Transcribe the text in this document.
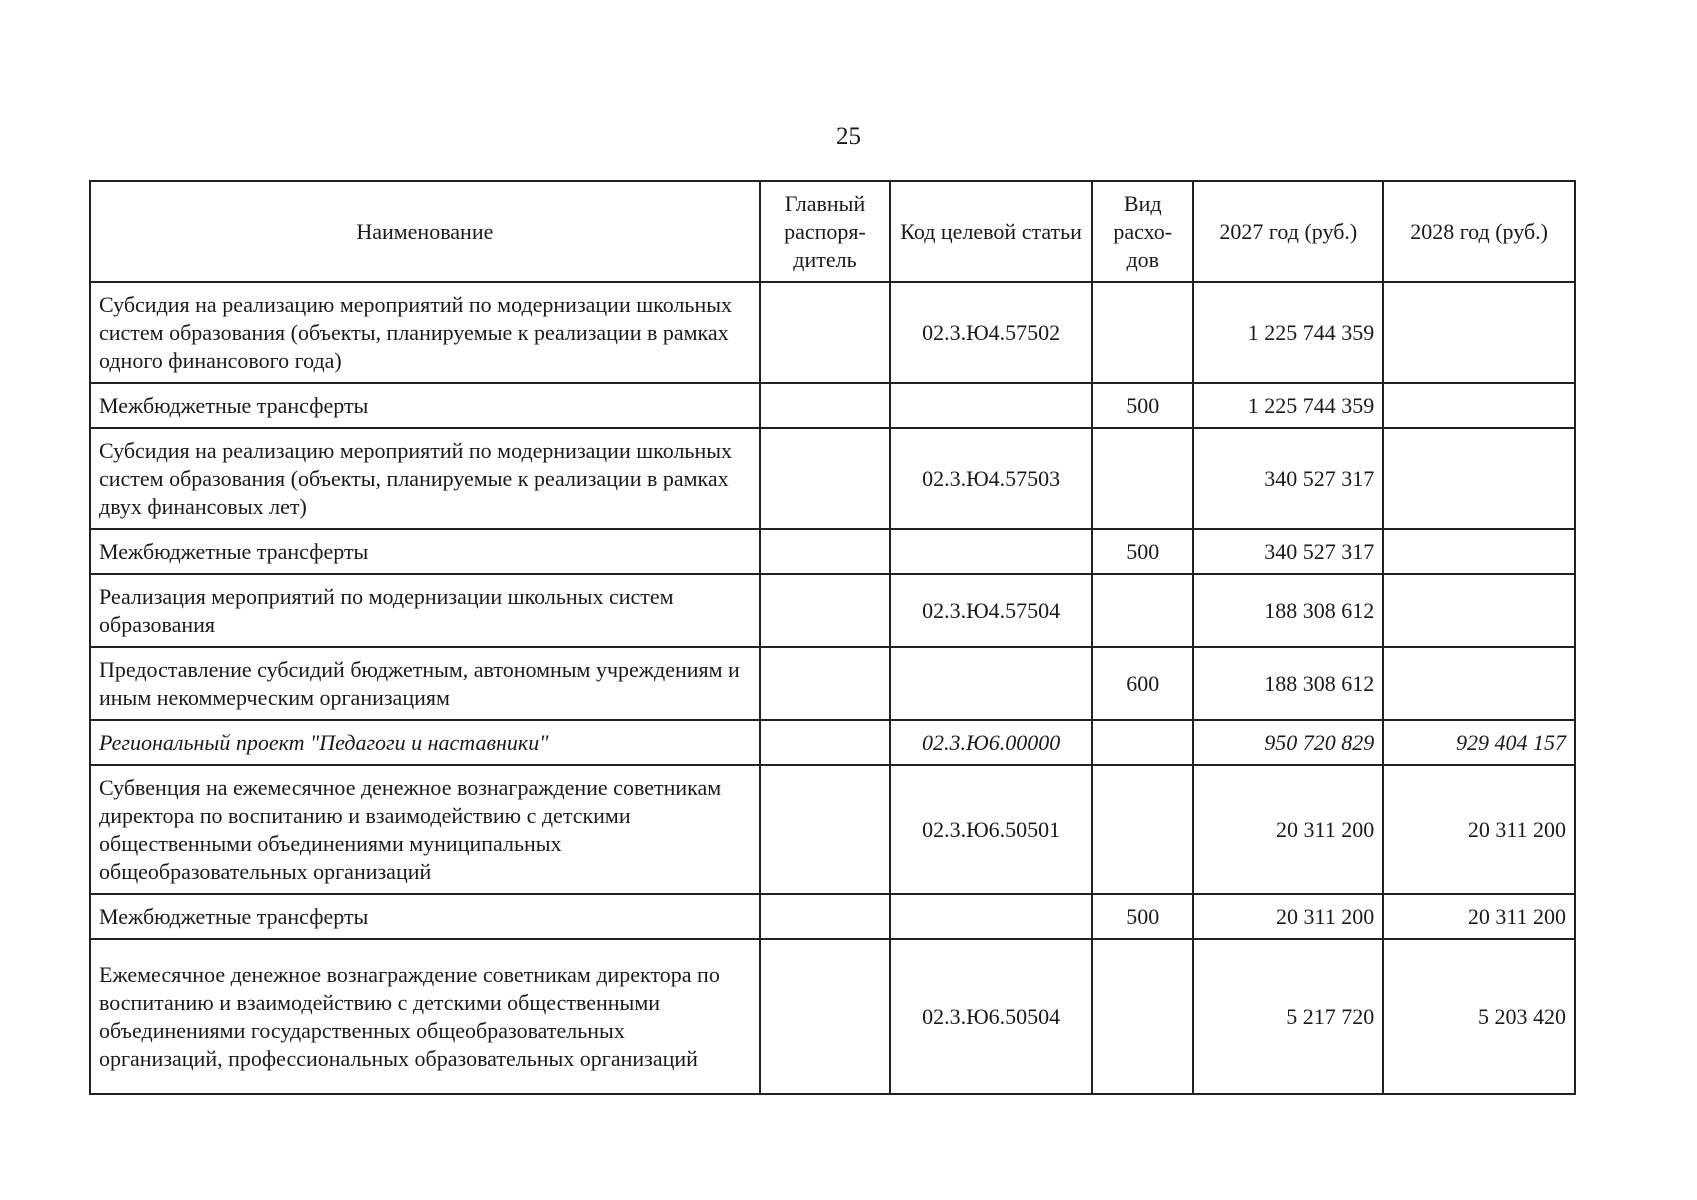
25
Наименование	Главный распоря-дитель	Код целевой статьи	Вид расхо-дов	2027 год (руб.)	2028 год (руб.)
Субсидия на реализацию мероприятий по модернизации школьных систем образования (объекты, планируемые к реализации в рамках одного финансового года)		02.3.Ю4.57502		1 225 744 359	
Межбюджетные трансферты			500	1 225 744 359	
Субсидия на реализацию мероприятий по модернизации школьных систем образования (объекты, планируемые к реализации в рамках двух финансовых лет)		02.3.Ю4.57503		340 527 317	
Межбюджетные трансферты			500	340 527 317	
Реализация мероприятий по модернизации школьных систем образования		02.3.Ю4.57504		188 308 612	
Предоставление субсидий бюджетным, автономным учреждениям и иным некоммерческим организациям			600	188 308 612	
Региональный проект "Педагоги и наставники"		02.3.Ю6.00000		950 720 829	929 404 157
Субвенция на ежемесячное денежное вознаграждение советникам директора по воспитанию и взаимодействию с детскими общественными объединениями муниципальных общеобразовательных организаций		02.3.Ю6.50501		20 311 200	20 311 200
Межбюджетные трансферты			500	20 311 200	20 311 200
Ежемесячное денежное вознаграждение советникам директора по воспитанию и взаимодействию с детскими общественными объединениями государственных общеобразовательных организаций, профессиональных образовательных организаций		02.3.Ю6.50504		5 217 720	5 203 420
